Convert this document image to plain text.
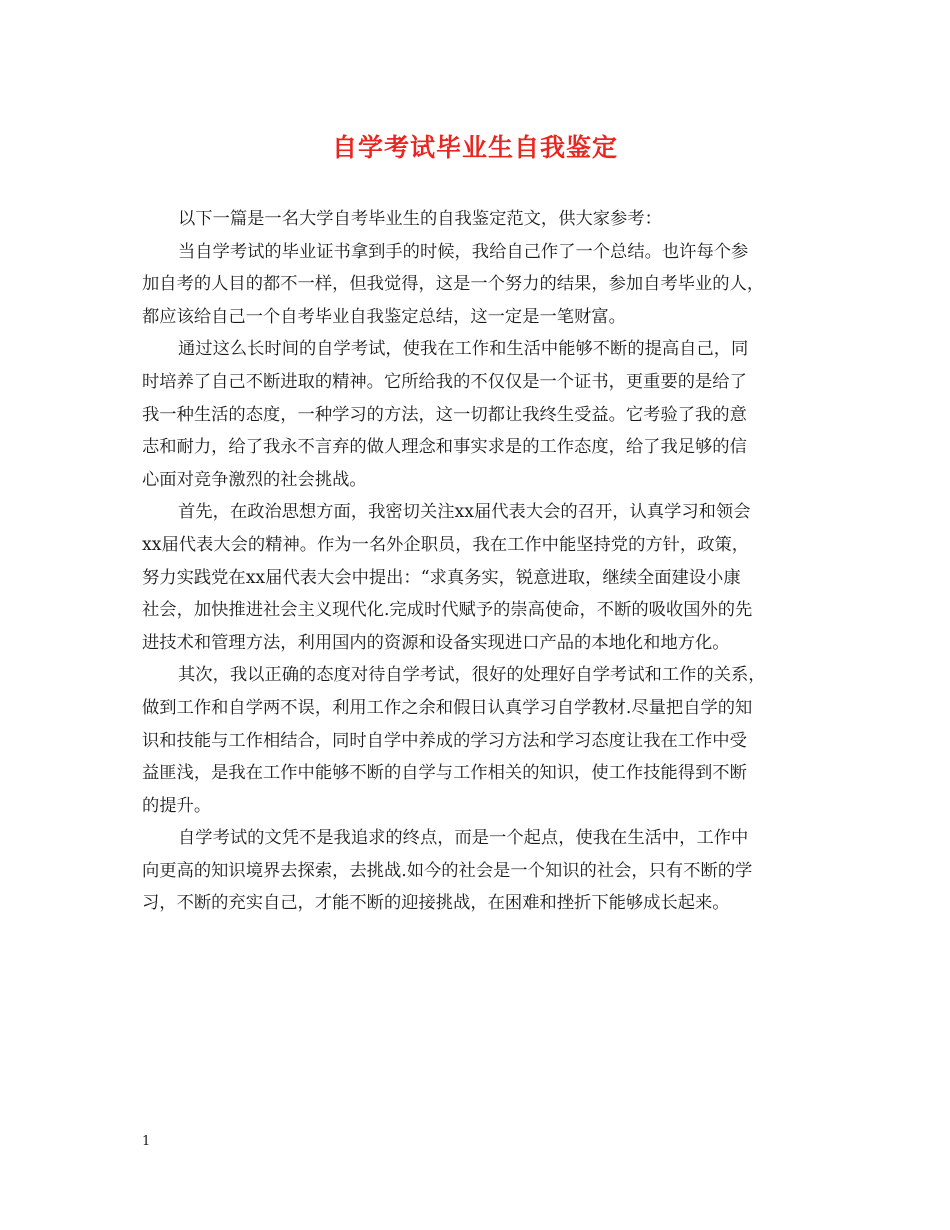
自学考试毕业生自我鉴定
以下一篇是一名大学自考毕业生的自我鉴定范文，供大家参考：
当自学考试的毕业证书拿到手的时候，我给自己作了一个总结。也许每个参
加自考的人目的都不一样，但我觉得，这是一个努力的结果，参加自考毕业的人，
都应该给自己一个自考毕业自我鉴定总结，这一定是一笔财富。
通过这么长时间的自学考试，使我在工作和生活中能够不断的提高自己，同
时培养了自己不断进取的精神。它所给我的不仅仅是一个证书，更重要的是给了
我一种生活的态度，一种学习的方法，这一切都让我终生受益。它考验了我的意
志和耐力，给了我永不言弃的做人理念和事实求是的工作态度，给了我足够的信
心面对竞争激烈的社会挑战。
首先，在政治思想方面，我密切关注xx届代表大会的召开，认真学习和领会
xx届代表大会的精神。作为一名外企职员，我在工作中能坚持党的方针，政策，
努力实践党在xx届代表大会中提出：“求真务实，锐意进取，继续全面建设小康
社会，加快推进社会主义现代化.完成时代赋予的崇高使命，不断的吸收国外的先
进技术和管理方法，利用国内的资源和设备实现进口产品的本地化和地方化。
其次，我以正确的态度对待自学考试，很好的处理好自学考试和工作的关系，
做到工作和自学两不误，利用工作之余和假日认真学习自学教材.尽量把自学的知
识和技能与工作相结合，同时自学中养成的学习方法和学习态度让我在工作中受
益匪浅，是我在工作中能够不断的自学与工作相关的知识，使工作技能得到不断
的提升。
自学考试的文凭不是我追求的终点，而是一个起点，使我在生活中，工作中
向更高的知识境界去探索，去挑战.如今的社会是一个知识的社会，只有不断的学
习，不断的充实自己，才能不断的迎接挑战，在困难和挫折下能够成长起来。
1
